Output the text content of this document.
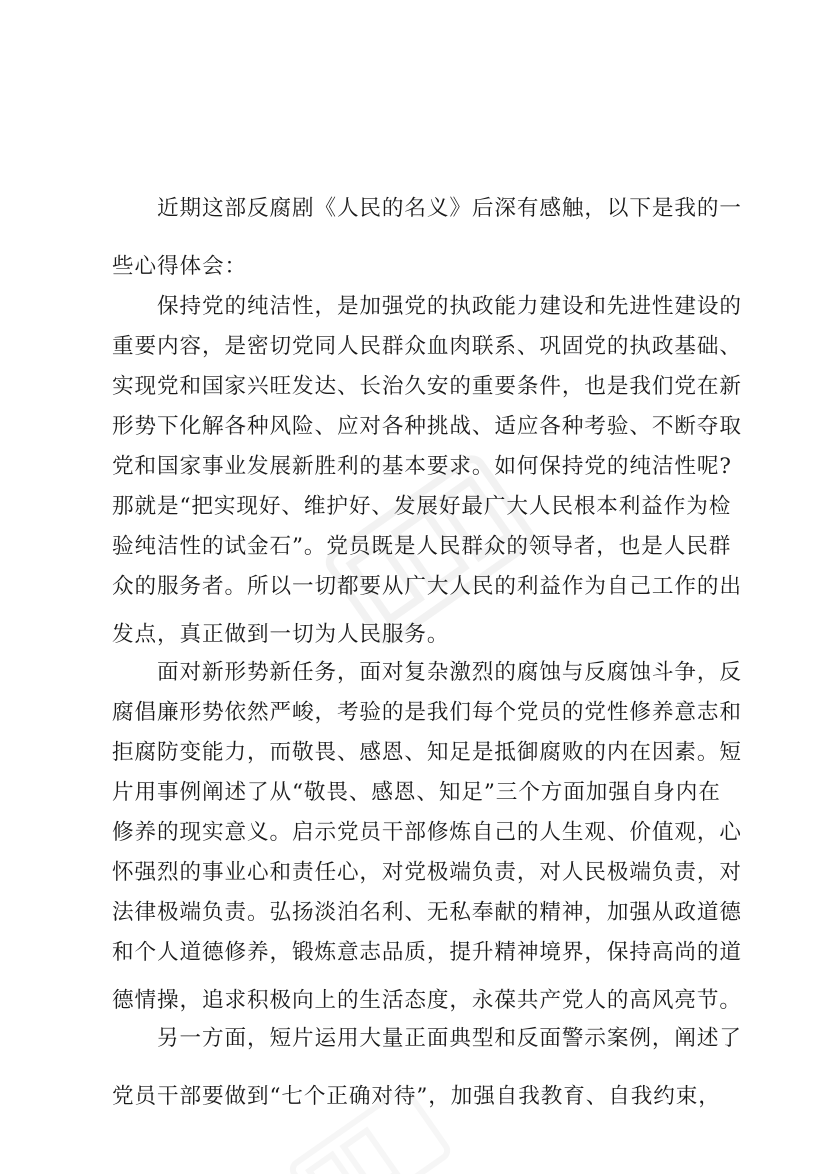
　　近期这部反腐剧《人民的名义》后深有感触，以下是我的一
些心得体会：
　　保持党的纯洁性，是加强党的执政能力建设和先进性建设的
重要内容，是密切党同人民群众血肉联系、巩固党的执政基础、
实现党和国家兴旺发达、长治久安的重要条件，也是我们党在新
形势下化解各种风险、应对各种挑战、适应各种考验、不断夺取
党和国家事业发展新胜利的基本要求。如何保持党的纯洁性呢?
那就是“把实现好、维护好、发展好最广大人民根本利益作为检
验纯洁性的试金石”。党员既是人民群众的领导者，也是人民群
众的服务者。所以一切都要从广大人民的利益作为自己工作的出
发点，真正做到一切为人民服务。
　　面对新形势新任务，面对复杂激烈的腐蚀与反腐蚀斗争，反
腐倡廉形势依然严峻，考验的是我们每个党员的党性修养意志和
拒腐防变能力，而敬畏、感恩、知足是抵御腐败的内在因素。短
片用事例阐述了从“敬畏、感恩、知足”三个方面加强自身内在
修养的现实意义。启示党员干部修炼自己的人生观、价值观，心
怀强烈的事业心和责任心，对党极端负责，对人民极端负责，对
法律极端负责。弘扬淡泊名利、无私奉献的精神，加强从政道德
和个人道德修养，锻炼意志品质，提升精神境界，保持高尚的道
德情操，追求积极向上的生活态度，永葆共产党人的高风亮节。
　　另一方面，短片运用大量正面典型和反面警示案例，阐述了
党员干部要做到“七个正确对待”，加强自我教育、自我约束，
